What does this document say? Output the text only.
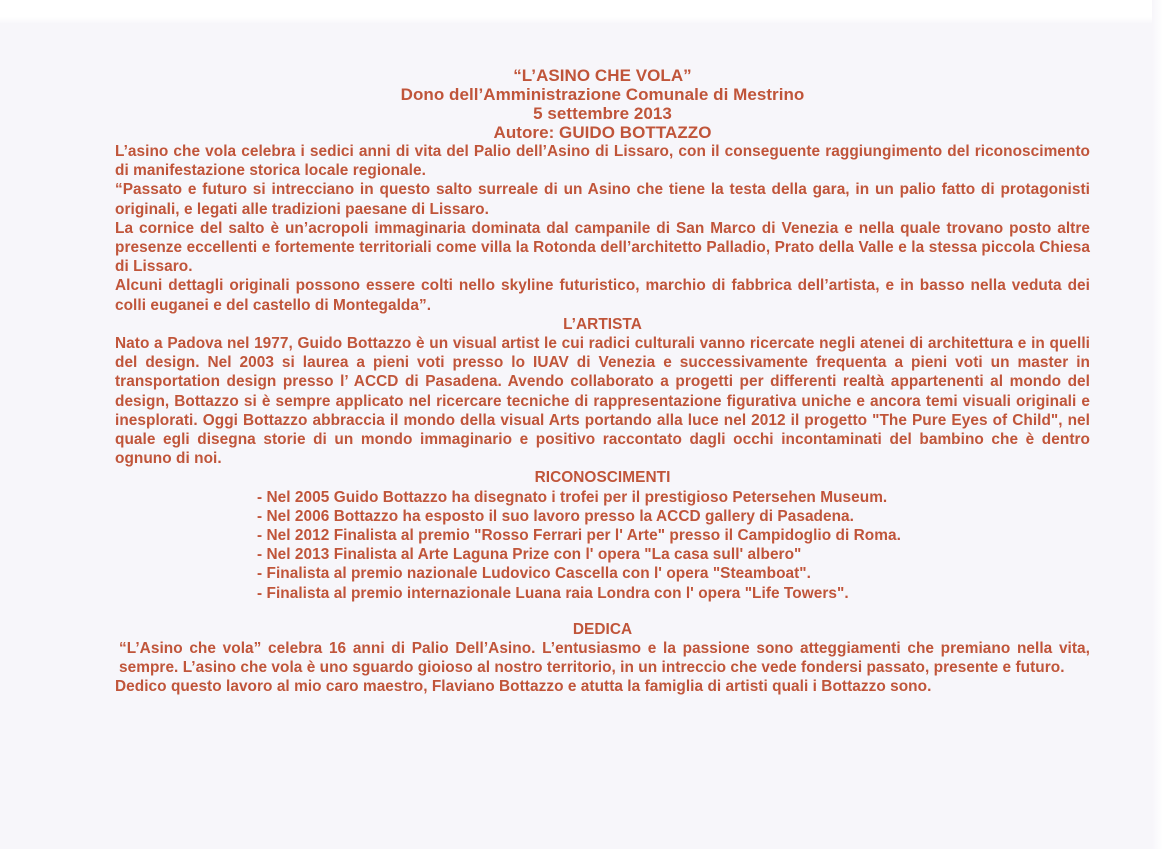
“L’ASINO CHE VOLA”
Dono dell’Amministrazione Comunale di Mestrino
5 settembre 2013
Autore: GUIDO BOTTAZZO

L’asino che vola celebra i sedici anni di vita del Palio dell’Asino di Lissaro, con il conseguente raggiungimento del riconoscimento di manifestazione storica locale regionale.

“Passato e futuro si intrecciano in questo salto surreale di un Asino che tiene la testa della gara, in un palio fatto di protagonisti originali, e legati alle tradizioni paesane di Lissaro.

La cornice del salto è un’acropoli immaginaria dominata dal campanile di San Marco di Venezia e nella quale trovano posto altre presenze eccellenti e fortemente territoriali come villa la Rotonda dell’architetto Palladio, Prato della Valle e la stessa piccola Chiesa di Lissaro.

Alcuni dettagli originali possono essere colti nello skyline futuristico, marchio di fabbrica dell’artista, e in basso nella veduta dei colli euganei e del castello di Montegalda”.

L’ARTISTA

Nato a Padova nel 1977, Guido Bottazzo è un visual artist le cui radici culturali vanno ricercate negli atenei di architettura e in quelli del design. Nel 2003 si laurea a pieni voti presso lo IUAV di Venezia e successivamente frequenta a pieni voti un master in transportation design presso l’ ACCD di Pasadena. Avendo collaborato a progetti per differenti realtà appartenenti al mondo del design, Bottazzo si è sempre applicato nel ricercare tecniche di rappresentazione figurativa uniche e ancora temi visuali originali e inesplorati. Oggi Bottazzo abbraccia il mondo della visual Arts portando alla luce nel 2012 il progetto "The Pure Eyes of Child", nel quale egli disegna storie di un mondo immaginario e positivo raccontato dagli occhi incontaminati del bambino che è dentro ognuno di noi.

RICONOSCIMENTI

- Nel 2005 Guido Bottazzo ha disegnato i trofei per il prestigioso Petersehen Museum.
- Nel 2006 Bottazzo ha esposto il suo lavoro presso la ACCD gallery di Pasadena.
- Nel 2012 Finalista al premio "Rosso Ferrari per l' Arte" presso il Campidoglio di Roma.
- Nel 2013 Finalista al Arte Laguna Prize con l' opera "La casa sull' albero"
- Finalista al premio nazionale Ludovico Cascella con l' opera "Steamboat".
- Finalista al premio internazionale Luana raia Londra con l' opera "Life Towers".

DEDICA

“L’Asino che vola” celebra 16 anni di Palio Dell’Asino. L’entusiasmo e la passione sono atteggiamenti che premiano nella vita, sempre. L’asino che vola è uno sguardo gioioso al nostro territorio, in un intreccio che vede fondersi passato, presente e futuro.

Dedico questo lavoro al mio caro maestro, Flaviano Bottazzo e atutta la famiglia di artisti quali i Bottazzo sono.
